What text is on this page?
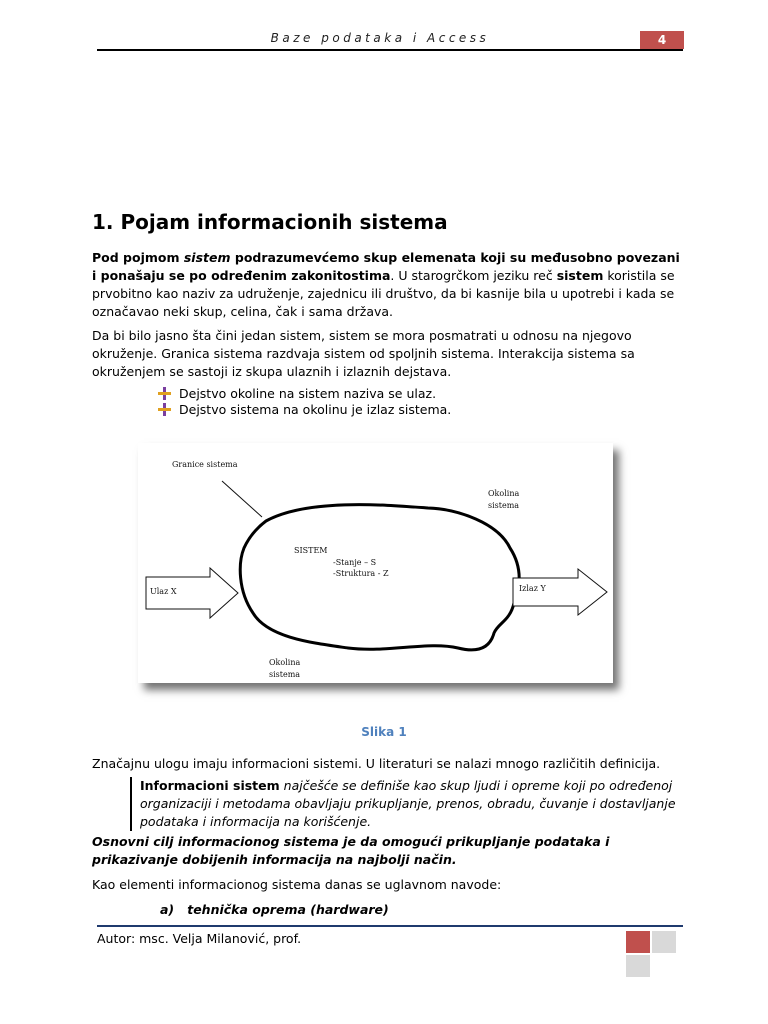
Baze podataka i Access	4
1. Pojam informacionih sistema

Pod pojmom sistem podrazumevćemo skup elemenata koji su međusobno povezani i ponašaju se po određenim zakonitostima. U starogrčkom jeziku reč sistem koristila se prvobitno kao naziv za udruženje, zajednicu ili društvo, da bi kasnije bila u upotrebi i kada se označavao neki skup, celina, čak i sama država.

Da bi bilo jasno šta čini jedan sistem, sistem se mora posmatrati u odnosu na njegovo okruženje. Granica sistema razdvaja sistem od spoljnih sistema. Interakcija sistema sa okruženjem se sastoji iz skupa ulaznih i izlaznih dejstava.

Dejstvo okoline na sistem naziva se ulaz.
Dejstvo sistema na okolinu je izlaz sistema.
Granice sistema
Okolina
sistema
SISTEM
-Stanje – S
-Struktura - Z
Ulaz X	Izlaz Y
Okolina
sistema
Slika 1

Značajnu ulogu imaju informacioni sistemi. U literaturi se nalazi mnogo različitih definicija.

Informacioni sistem najčešće se definiše kao skup ljudi i opreme koji po određenoj organizaciji i metodama obavljaju prikupljanje, prenos, obradu, čuvanje i dostavljanje podataka i informacija na korišćenje.

Osnovni cilj informacionog sistema je da omogući prikupljanje podataka i prikazivanje dobijenih informacija na najbolji način.

Kao elementi informacionog sistema danas se uglavnom navode:

a) tehnička oprema (hardware)
Autor: msc. Velja Milanović, prof.
